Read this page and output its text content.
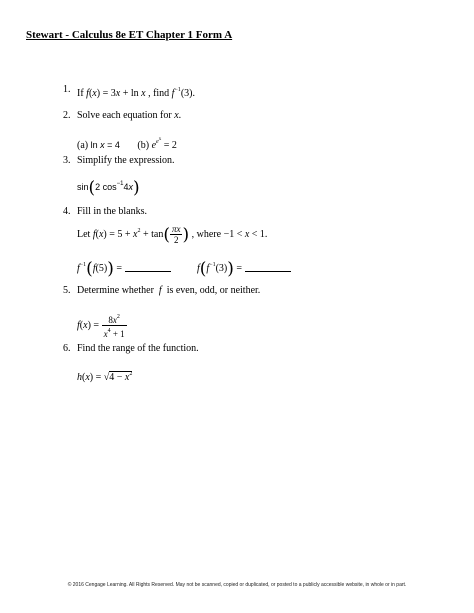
Stewart - Calculus 8e ET Chapter 1 Form A
1. If f(x) = 3x + ln x , find $f^{-1}(3)$.
2. Solve each equation for x.
(a) ln x = 4 (b) $e^{e^x} = 2$
3. Simplify the expression.
sin(2 $\cos^{-1}4x$)
4. Fill in the blanks.
Let $f(x) = 5 + x^2 + \tan( \frac{\pi x}{2}$ ) , where −1 < x < 1.
$f^{-1}(f(5))$ =	$f(f^{-1}(3))$ =
5. Determine whether f is even, odd, or neither.
$f(x) = \frac{8x^2}{x^4 + 1}$
6. Find the range of the function.
$h(x) = √4 - x^2$
© 2016 Cengage Learning. All Rights Reserved. May not be scanned, copied or duplicated, or posted to a publicly accessible website, in whole or in part.
